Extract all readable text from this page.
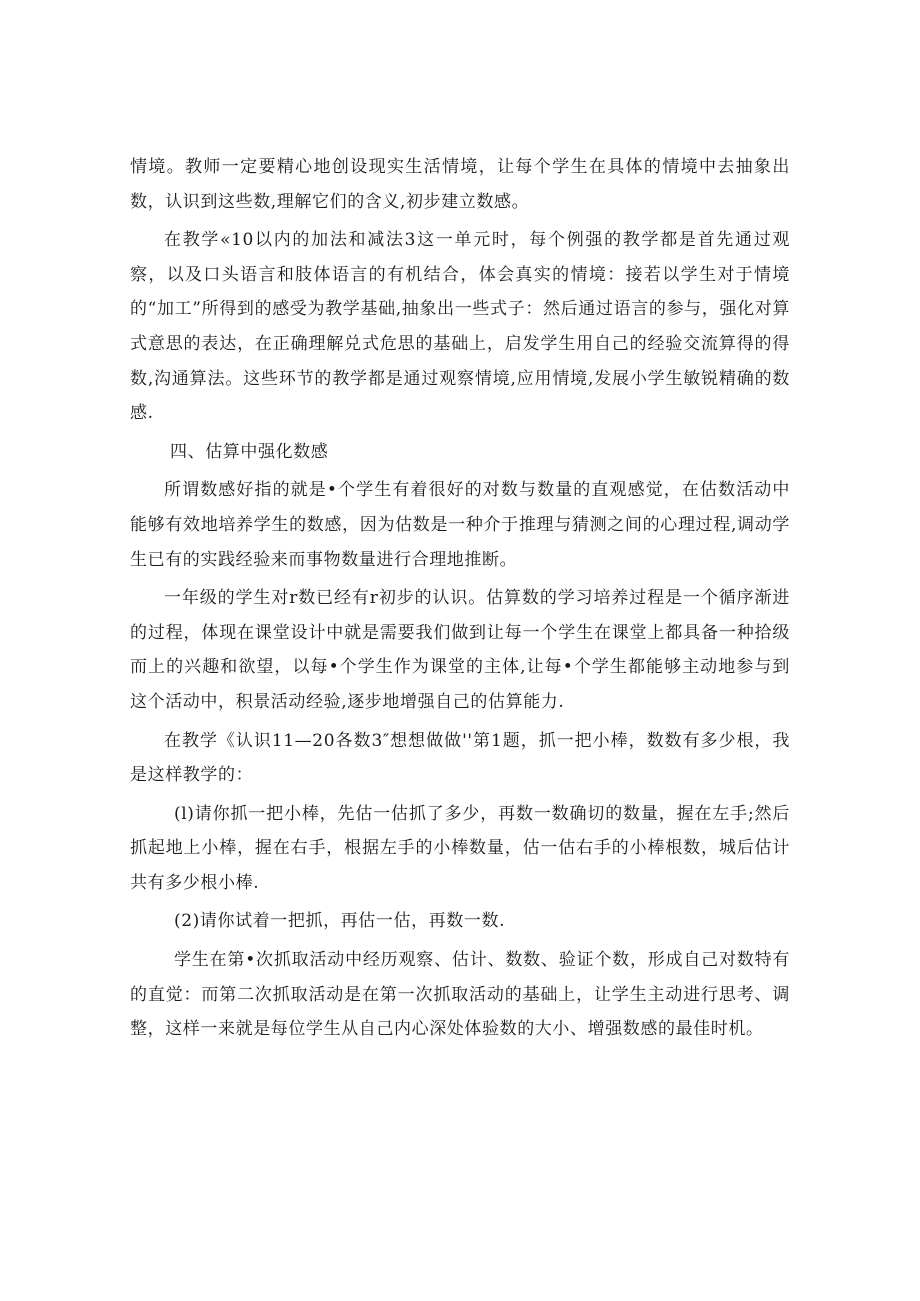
情境。教师一定要精心地创设现实生活情境，让每个学生在具体的情境中去抽象出数，认识到这些数,理解它们的含义,初步建立数感。

在教学«10以内的加法和减法3这一单元时，每个例强的教学都是首先通过观察，以及口头语言和肢体语言的有机结合，体会真实的情境：接若以学生对于情境的“加工”所得到的感受为教学基础,抽象出一些式子：然后通过语言的参与，强化对算式意思的表达，在正确理解兑式危思的基础上，启发学生用自己的经验交流算得的得数,沟通算法。这些环节的教学都是通过观察情境,应用情境,发展小学生敏锐精确的数感.

四、估算中强化数感

所谓数感好指的就是•个学生有着很好的对数与数量的直观感觉，在估数活动中能够有效地培养学生的数感，因为估数是一种介于推理与猜测之间的心理过程,调动学生已有的实践经验来而事物数量进行合理地推断。

一年级的学生对r数已经有r初步的认识。估算数的学习培养过程是一个循序渐进的过程，体现在课堂设计中就是需要我们做到让每一个学生在课堂上都具备一种拾级而上的兴趣和欲望，以每•个学生作为课堂的主体,让每•个学生都能够主动地参与到这个活动中，积景活动经验,逐步地增强自己的估算能力.

在教学《认识11—20各数3″想想做做''第1题，抓一把小棒，数数有多少根，我是这样教学的：

(l)请你抓一把小棒，先估一估抓了多少，再数一数确切的数量，握在左手;然后抓起地上小棒，握在右手，根据左手的小棒数量，估一估右手的小棒根数，城后估计共有多少根小棒.

(2)请你试着一把抓，再估一估，再数一数.

学生在第•次抓取活动中经历观察、估计、数数、验证个数，形成自己对数特有的直觉：而第二次抓取活动是在第一次抓取活动的基础上，让学生主动进行思考、调整，这样一来就是每位学生从自己内心深处体验数的大小、增强数感的最佳时机。
